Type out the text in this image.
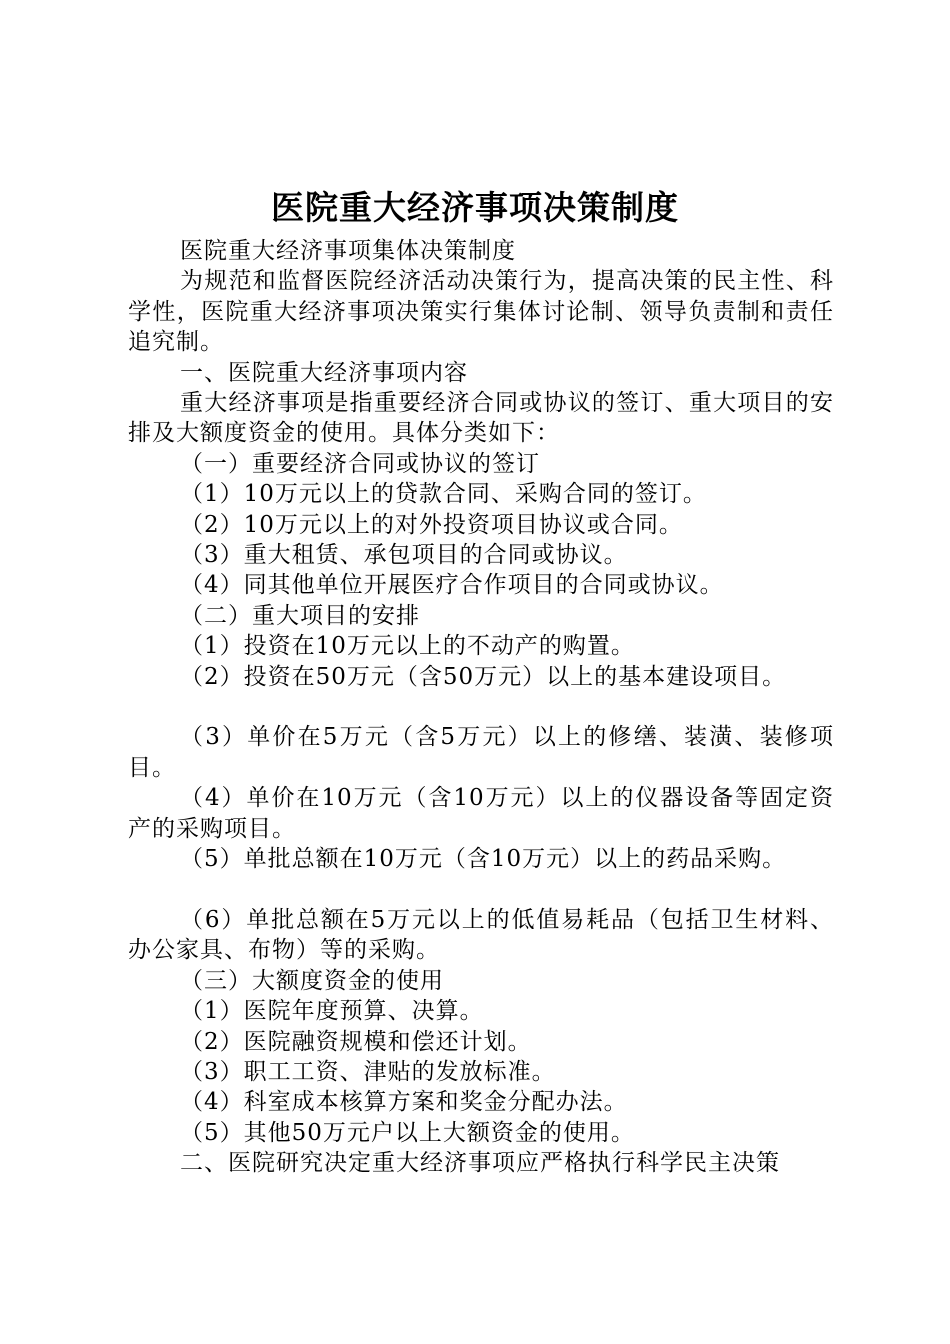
医院重大经济事项决策制度

医院重大经济事项集体决策制度

为规范和监督医院经济活动决策行为，提高决策的民主性、科学性，医院重大经济事项决策实行集体讨论制、领导负责制和责任追究制。

一、医院重大经济事项内容

重大经济事项是指重要经济合同或协议的签订、重大项目的安排及大额度资金的使用。具体分类如下：

（一）重要经济合同或协议的签订

（1）10万元以上的贷款合同、采购合同的签订。

（2）10万元以上的对外投资项目协议或合同。

（3）重大租赁、承包项目的合同或协议。

（4）同其他单位开展医疗合作项目的合同或协议。

（二）重大项目的安排

（1）投资在10万元以上的不动产的购置。

（2）投资在50万元（含50万元）以上的基本建设项目。

（3）单价在5万元（含5万元）以上的修缮、装潢、装修项目。

（4）单价在10万元（含10万元）以上的仪器设备等固定资产的采购项目。

（5）单批总额在10万元（含10万元）以上的药品采购。

（6）单批总额在5万元以上的低值易耗品（包括卫生材料、办公家具、布物）等的采购。

（三）大额度资金的使用

（1）医院年度预算、决算。

（2）医院融资规模和偿还计划。

（3）职工工资、津贴的发放标准。

（4）科室成本核算方案和奖金分配办法。

（5）其他50万元户以上大额资金的使用。

二、医院研究决定重大经济事项应严格执行科学民主决策
